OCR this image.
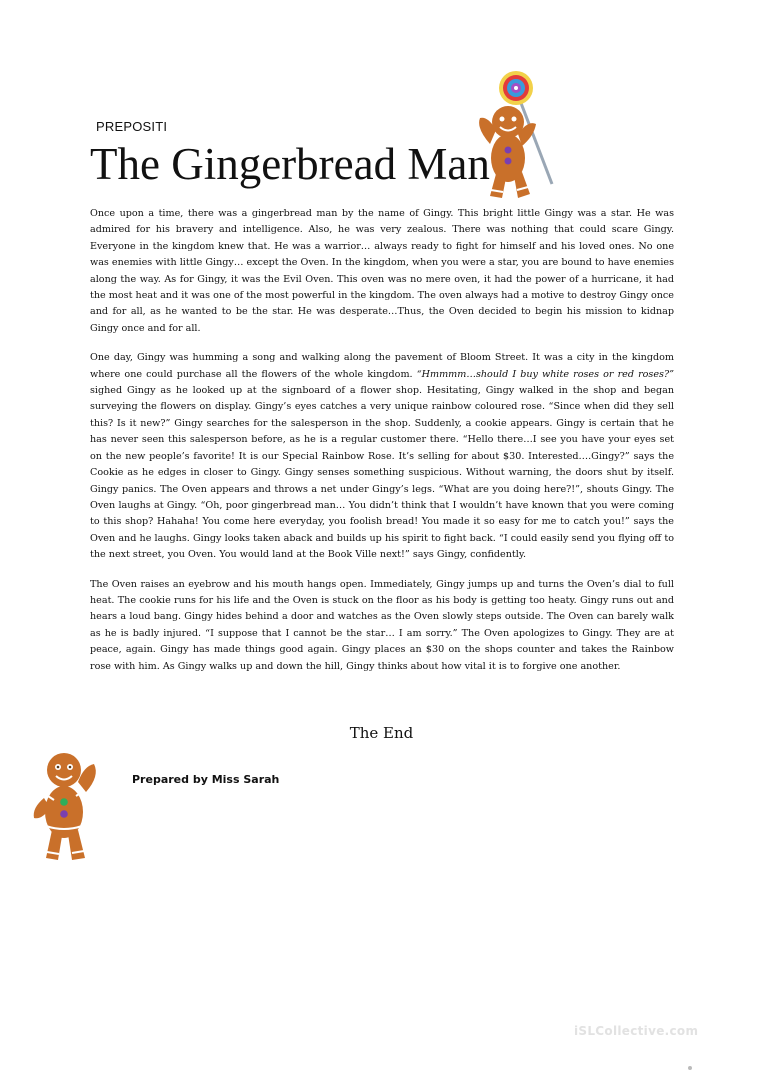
PREPOSITI
The Gingerbread Man

Once upon a time, there was a gingerbread man by the name of Gingy. This bright little Gingy was a star. He was admired for his bravery and intelligence. Also, he was very zealous. There was nothing that could scare Gingy. Everyone in the kingdom knew that. He was a warrior… always ready to fight for himself and his loved ones. No one was enemies with little Gingy… except the Oven. In the kingdom, when you were a star, you are bound to have enemies along the way. As for Gingy, it was the Evil Oven. This oven was no mere oven, it had the power of a hurricane, it had the most heat and it was one of the most powerful in the kingdom. The oven always had a motive to destroy Gingy once and for all, as he wanted to be the star. He was desperate…Thus, the Oven decided to begin his mission to kidnap Gingy once and for all.

One day, Gingy was humming a song and walking along the pavement of Bloom Street. It was a city in the kingdom where one could purchase all the flowers of the whole kingdom. “Hmmmm…should I buy white roses or red roses?” sighed Gingy as he looked up at the signboard of a flower shop. Hesitating, Gingy walked in the shop and began surveying the flowers on display. Gingy’s eyes catches a very unique rainbow coloured rose. “Since when did they sell this? Is it new?” Gingy searches for the salesperson in the shop. Suddenly, a cookie appears. Gingy is certain that he has never seen this salesperson before, as he is a regular customer there. “Hello there…I see you have your eyes set on the new people’s favorite! It is our Special Rainbow Rose. It’s selling for about $30. Interested….Gingy?” says the Cookie as he edges in closer to Gingy. Gingy senses something suspicious. Without warning, the doors shut by itself. Gingy panics. The Oven appears and throws a net under Gingy’s legs. “What are you doing here?!”, shouts Gingy. The Oven laughs at Gingy. “Oh, poor gingerbread man… You didn’t think that I wouldn’t have known that you were coming to this shop? Hahaha! You come here everyday, you foolish bread! You made it so easy for me to catch you!” says the Oven and he laughs. Gingy looks taken aback and builds up his spirit to fight back. “I could easily send you flying off to the next street, you Oven. You would land at the Book Ville next!” says Gingy, confidently.

The Oven raises an eyebrow and his mouth hangs open. Immediately, Gingy jumps up and turns the Oven’s dial to full heat. The cookie runs for his life and the Oven is stuck on the floor as his body is getting too heaty. Gingy runs out and hears a loud bang. Gingy hides behind a door and watches as the Oven slowly steps outside. The Oven can barely walk as he is badly injured. “I suppose that I cannot be the star… I am sorry.” The Oven apologizes to Gingy. They are at peace, again. Gingy has made things good again. Gingy places an $30 on the shops counter and takes the Rainbow rose with him. As Gingy walks up and down the hill, Gingy thinks about how vital it is to forgive one another.

The End
Prepared by Miss Sarah
iSLCollective.com
